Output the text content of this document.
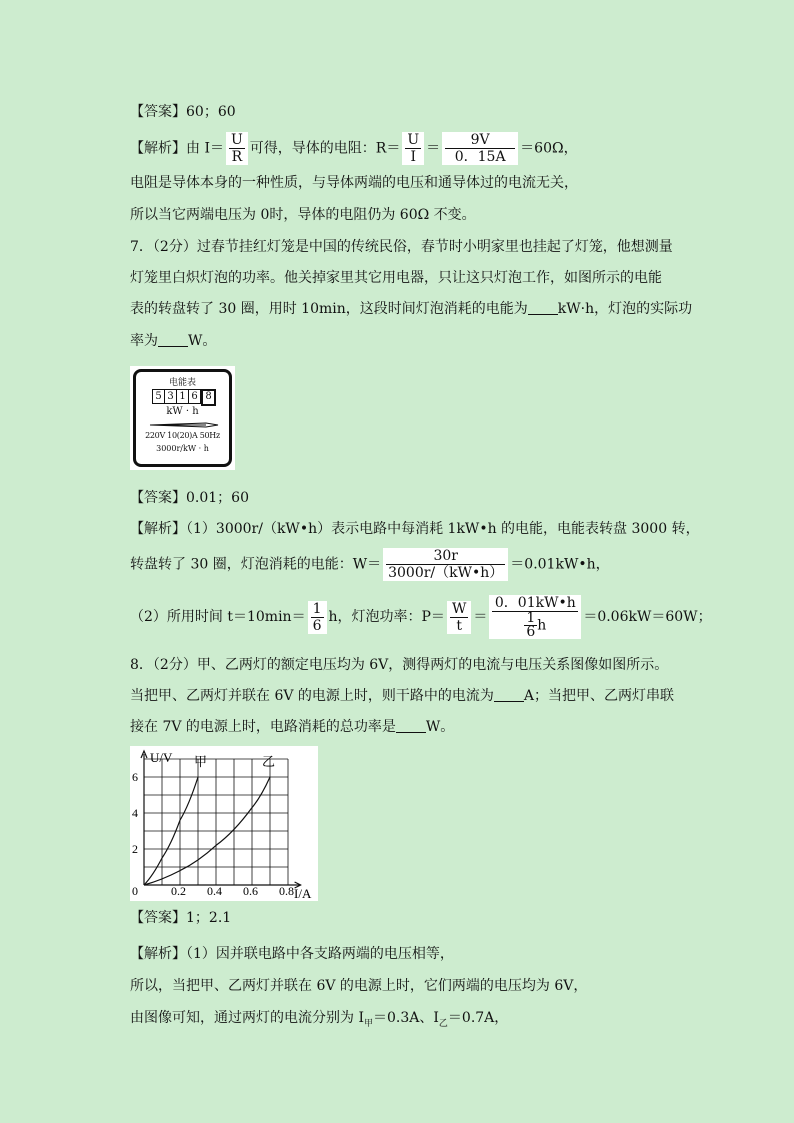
【答案】60；60
【解析】由 $I= \frac{U}{R}$ 可得，导体的电阻：$R= \frac{U}{I} = \frac{9V}{0.15A} =60\Omega$，
电阻是导体本身的一种性质，与导体两端的电压和通导体过的电流无关，
所以当它两端电压为 0时，导体的电阻仍为 60Ω 不变。
7．（2分）过春节挂红灯笼是中国的传统民俗，春节时小明家里也挂起了灯笼，他想测量
灯笼里白炽灯泡的功率。他关掉家里其它用电器，只让这只灯泡工作，如图所示的电能
表的转盘转了 30 圈，用时 10min，这段时间灯泡消耗的电能为 kW·h，灯泡的实际功
率为 W。
电能表
5 3 1 6 8
kW · h
220V 10(20)A 50Hz
3000r/kW · h
【答案】0.01；60
【解析】（1）3000r/（kW•h）表示电路中每消耗 1kW•h 的电能，电能表转盘 3000 转，
转盘转了 30 圈，灯泡消耗的电能：$W= \frac{30r}{3000r/(kW•h)}$ ＝0.01kW•h，
（2）所用时间 $t=10\min= \frac{1}{6}$ h，灯泡功率：$P= \frac{W}{t} = \frac{0.01kW•h}{\frac{1}{6} h} =0.06kW=60W$；
8．（2分）甲、乙两灯的额定电压均为 6V，测得两灯的电流与电压关系图像如图所示。
当把甲、乙两灯并联在 6V 的电源上时，则干路中的电流为 A；当把甲、乙两灯串联
接在 7V 的电源上时，电路消耗的总功率是 W。
U/V
I/A
0	0.2 0.4 0.6 0.8
2
4
6
甲	乙
【答案】1；2.1
【解析】（1）因并联电路中各支路两端的电压相等，
所以，当把甲、乙两灯并联在 6V 的电源上时，它们两端的电压均为 6V，
由图像可知，通过两灯的电流分别为 $I_甲=0.3A$、$I_乙=0.7A$，
